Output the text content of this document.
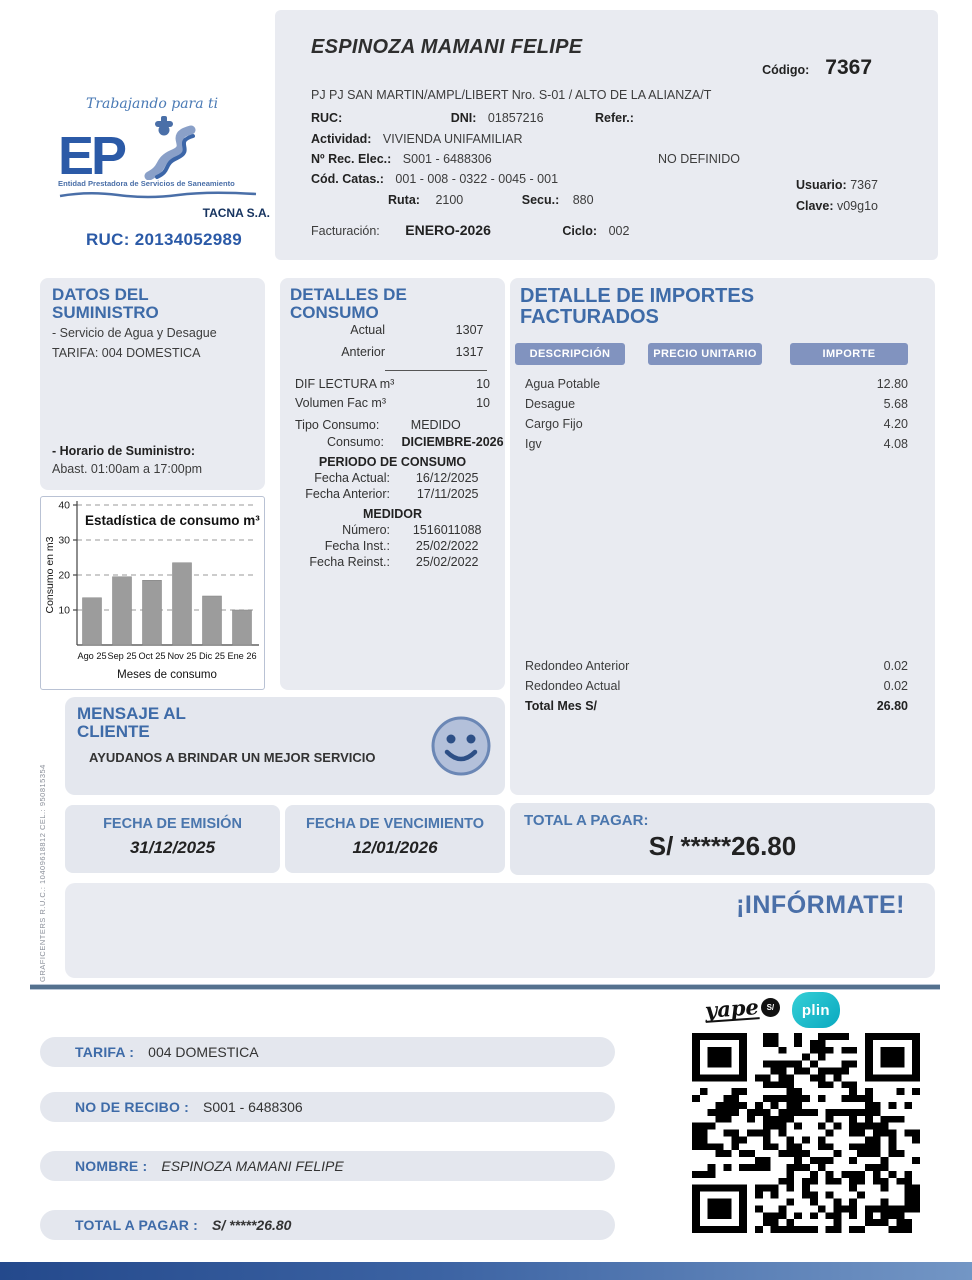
Trabajando para ti
EP
Entidad Prestadora de Servicios de Saneamiento
TACNA S.A.
RUC: 20134052989
ESPINOZA MAMANI FELIPE
Código: 7367
PJ PJ SAN MARTIN/AMPL/LIBERT Nro. S-01 / ALTO DE LA ALIANZA/T
RUC:	DNI: 01857216	Refer.:
Actividad: VIVIENDA UNIFAMILIAR
Nº Rec. Elec.: S001 - 6488306	NO DEFINIDO
Cód. Catas.: 001 - 008 - 0322 - 0045 - 001
Ruta: 2100	Secu.: 880
Usuario: 7367
Clave: v09g1o
Facturación: ENERO-2026	Ciclo: 002
DATOS DEL SUMINISTRO
- Servicio de Agua y Desague
TARIFA: 004 DOMESTICA
- Horario de Suministro:
Abast. 01:00am a 17:00pm
10
20
30
40
Ago 25 Sep 25 Oct 25 Nov 25 Dic 25 Ene 26
Estadística de consumo m³
Meses de consumo
Consumo en m3
DETALLES DE CONSUMO
Actual	1307
Anterior	1317
DIF LECTURA m³	10
Volumen Fac m³	10
Tipo Consumo:	MEDIDO
Consumo: DICIEMBRE-2026
PERIODO DE CONSUMO
Fecha Actual: 16/12/2025
Fecha Anterior: 17/11/2025
MEDIDOR
Número: 1516011088
Fecha Inst.: 25/02/2022
Fecha Reinst.: 25/02/2022
DETALLE DE IMPORTES FACTURADOS
DESCRIPCIÓN	PRECIO UNITARIO	IMPORTE
Agua Potable	12.80
Desague	5.68
Cargo Fijo	4.20
Igv	4.08
Redondeo Anterior	0.02
Redondeo Actual	0.02
Total Mes S/	26.80
MENSAJE AL CLIENTE
AYUDANOS A BRINDAR UN MEJOR SERVICIO
FECHA DE EMISIÓN
31/12/2025
FECHA DE VENCIMIENTO
12/01/2026
TOTAL A PAGAR:
S/ *****26.80
¡INFÓRMATE!
GRAFICENTERS R.U.C.: 10409618812 CEL.: 950815354
yape S/	plin
TARIFA : 004 DOMESTICA
NO DE RECIBO : S001 - 6488306
NOMBRE : ESPINOZA MAMANI FELIPE
TOTAL A PAGAR : S/ *****26.80
